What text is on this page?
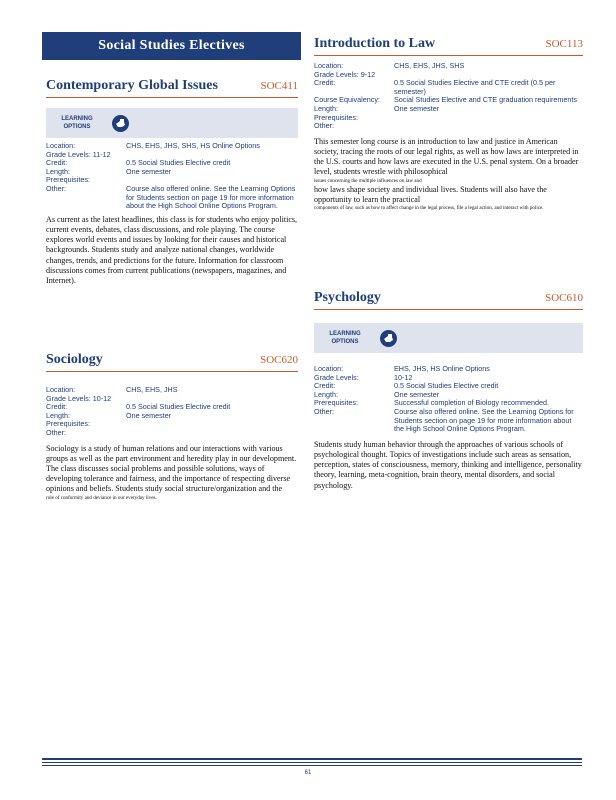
Social Studies Electives
Contemporary Global Issues	SOC411
LEARNING OPTIONS
Location:	CHS, EHS, JHS, SHS, HS Online Options
Grade Levels: 11-12	
Credit:	0.5 Social Studies Elective credit
Length:	One semester
Prerequisites:	
Other:	Course also offered online. See the Learning Options for Students section on page 19 for more information about the High School Online Options Program.
As current as the latest headlines, this class is for students who enjoy politics, current events, debates, class discussions, and role playing. The course explores world events and issues by looking for their causes and historical backgrounds. Students study and analyze national changes, worldwide changes, trends, and predictions for the future. Information for classroom discussions comes from current publications (newspapers, magazines, and Internet).
Sociology	SOC620
Location:	CHS, EHS, JHS
Grade Levels: 10-12	
Credit:	0.5 Social Studies Elective credit
Length:	One semester
Prerequisites:	
Other:	
Sociology is a study of human relations and our interactions with various groups as well as the part environment and heredity play in our development. The class discusses social problems and possible solutions, ways of developing tolerance and fairness, and the importance of respecting diverse opinions and beliefs. Students study social structure/organization and the
role of conformity and deviance in our everyday lives.
Introduction to Law	SOC113
Location:	CHS, EHS, JHS, SHS
Grade Levels: 9-12	
Credit:	0.5 Social Studies Elective and CTE credit (0.5 per semester)
Course Equivalency:	Social Studies Elective and CTE graduation requirements
Length:	One semester
Prerequisites:	
Other:	
This semester long course is an introduction to law and justice in American society, tracing the roots of our legal rights, as well as how laws are interpreted in the U.S. courts and how laws are executed in the U.S. penal system. On a broader level, students wrestle with philosophical
issues concerning the multiple influences on law and
how laws shape society and individual lives. Students will also have the opportunity to learn the practical
components of law, such as how to affect change in the legal process, file a legal action, and interact with police.
Psychology	SOC610
LEARNING OPTIONS
Location:	EHS, JHS, HS Online Options
Grade Levels:	10-12
Credit:	0.5 Social Studies Elective credit
Length:	One semester
Prerequisites:	Successful completion of Biology recommended.
Other:	Course also offered online. See the Learning Options for Students section on page 19 for more information about the High School Online Options Program.
Students study human behavior through the approaches of various schools of psychological thought. Topics of investigations include such areas as sensation, perception, states of consciousness, memory, thinking and intelligence, personality theory, learning, meta-cognition, brain theory, mental disorders, and social psychology.
61
